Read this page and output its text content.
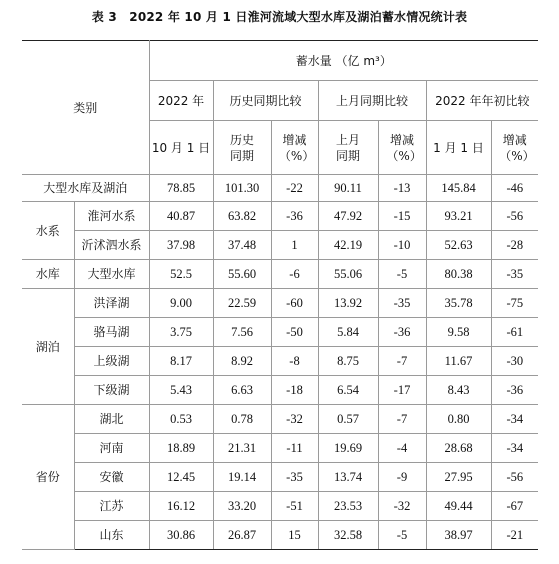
表 3 2022 年 10 月 1 日淮河流域大型水库及湖泊蓄水情况统计表
类别		蓄水量 （亿 m³）						
		2022 年	历史同期比较		上月同期比较		2022 年年初比较	
		10 月 1 日	历史同期	增减（%）	上月同期	增减（%）	1 月 1 日	增减（%）

大型水库及湖泊		78.85	101.30	-22	90.11	-13	145.84	-46
水系	淮河水系	40.87	63.82	-36	47.92	-15	93.21	-56
	沂沭泗水系	37.98	37.48	1	42.19	-10	52.63	-28
水库	大型水库	52.5	55.60	-6	55.06	-5	80.38	-35
湖泊	洪泽湖	9.00	22.59	-60	13.92	-35	35.78	-75
	骆马湖	3.75	7.56	-50	5.84	-36	9.58	-61
	上级湖	8.17	8.92	-8	8.75	-7	11.67	-30
	下级湖	5.43	6.63	-18	6.54	-17	8.43	-36
省份	湖北	0.53	0.78	-32	0.57	-7	0.80	-34
	河南	18.89	21.31	-11	19.69	-4	28.68	-34
	安徽	12.45	19.14	-35	13.74	-9	27.95	-56
	江苏	16.12	33.20	-51	23.53	-32	49.44	-67
	山东	30.86	26.87	15	32.58	-5	38.97	-21
